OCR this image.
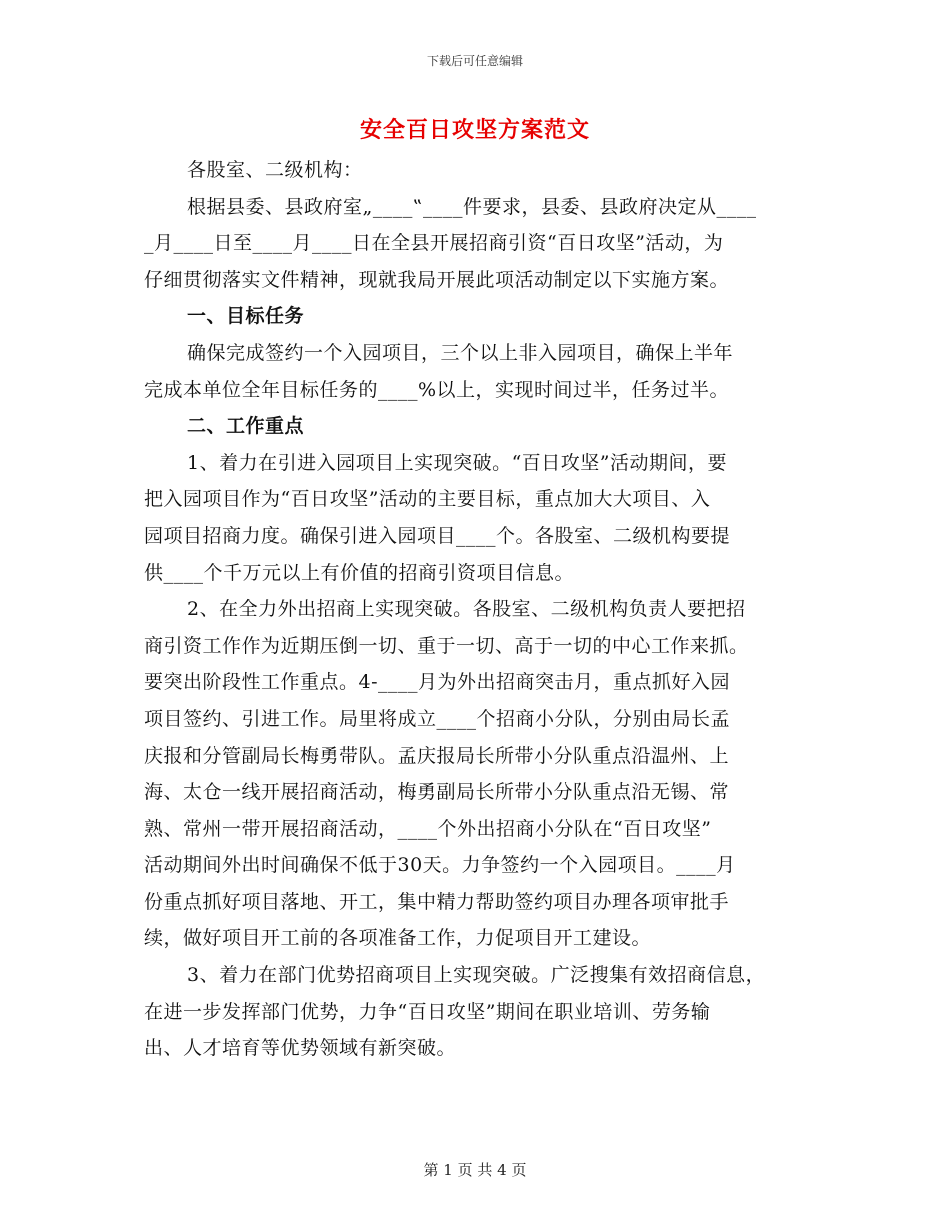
下载后可任意编辑
安全百日攻坚方案范文
各股室、二级机构：
根据县委、县政府室„____‟____件要求，县委、县政府决定从____
_月____日至____月____日在全县开展招商引资“百日攻坚”活动，为
仔细贯彻落实文件精神，现就我局开展此项活动制定以下实施方案。
一、目标任务
确保完成签约一个入园项目，三个以上非入园项目，确保上半年
完成本单位全年目标任务的____%以上，实现时间过半，任务过半。
二、工作重点
1、着力在引进入园项目上实现突破。“百日攻坚”活动期间，要
把入园项目作为“百日攻坚”活动的主要目标，重点加大大项目、入
园项目招商力度。确保引进入园项目____个。各股室、二级机构要提
供____个千万元以上有价值的招商引资项目信息。
2、在全力外出招商上实现突破。各股室、二级机构负责人要把招
商引资工作作为近期压倒一切、重于一切、高于一切的中心工作来抓。
要突出阶段性工作重点。4-____月为外出招商突击月，重点抓好入园
项目签约、引进工作。局里将成立____个招商小分队，分别由局长孟
庆报和分管副局长梅勇带队。孟庆报局长所带小分队重点沿温州、上
海、太仓一线开展招商活动，梅勇副局长所带小分队重点沿无锡、常
熟、常州一带开展招商活动，____个外出招商小分队在“百日攻坚”
活动期间外出时间确保不低于30天。力争签约一个入园项目。____月
份重点抓好项目落地、开工，集中精力帮助签约项目办理各项审批手
续，做好项目开工前的各项准备工作，力促项目开工建设。
3、着力在部门优势招商项目上实现突破。广泛搜集有效招商信息，
在进一步发挥部门优势，力争“百日攻坚”期间在职业培训、劳务输
出、人才培育等优势领域有新突破。
第 1 页 共 4 页
